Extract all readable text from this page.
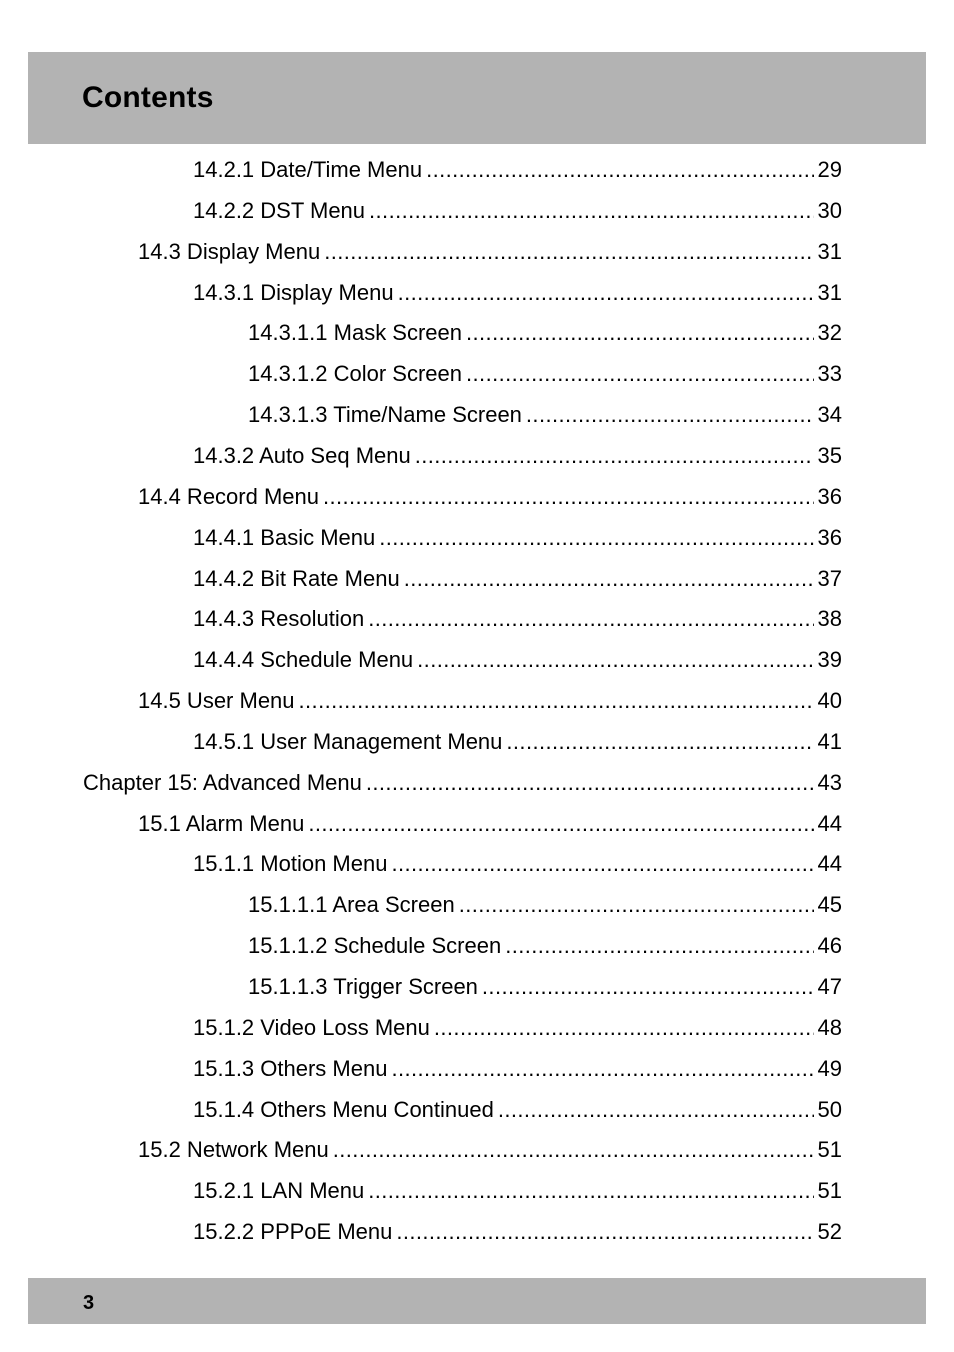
Contents
14.2.1 Date/Time Menu .....	29
14.2.2 DST Menu .....	30
14.3 Display Menu .....	31
14.3.1 Display Menu .....	31
14.3.1.1 Mask Screen .....	32
14.3.1.2 Color Screen .....	33
14.3.1.3 Time/Name Screen .....	34
14.3.2 Auto Seq Menu .....	35
14.4 Record Menu .....	36
14.4.1 Basic Menu .....	36
14.4.2 Bit Rate Menu .....	37
14.4.3 Resolution .....	38
14.4.4 Schedule Menu .....	39
14.5 User Menu .....	40
14.5.1 User Management Menu .....	41
Chapter 15: Advanced Menu .....	43
15.1 Alarm Menu .....	44
15.1.1 Motion Menu .....	44
15.1.1.1 Area Screen .....	45
15.1.1.2 Schedule Screen .....	46
15.1.1.3 Trigger Screen .....	47
15.1.2 Video Loss Menu .....	48
15.1.3 Others Menu .....	49
15.1.4 Others Menu Continued .....	50
15.2 Network Menu .....	51
15.2.1 LAN Menu .....	51
15.2.2 PPPoE Menu .....	52
3
